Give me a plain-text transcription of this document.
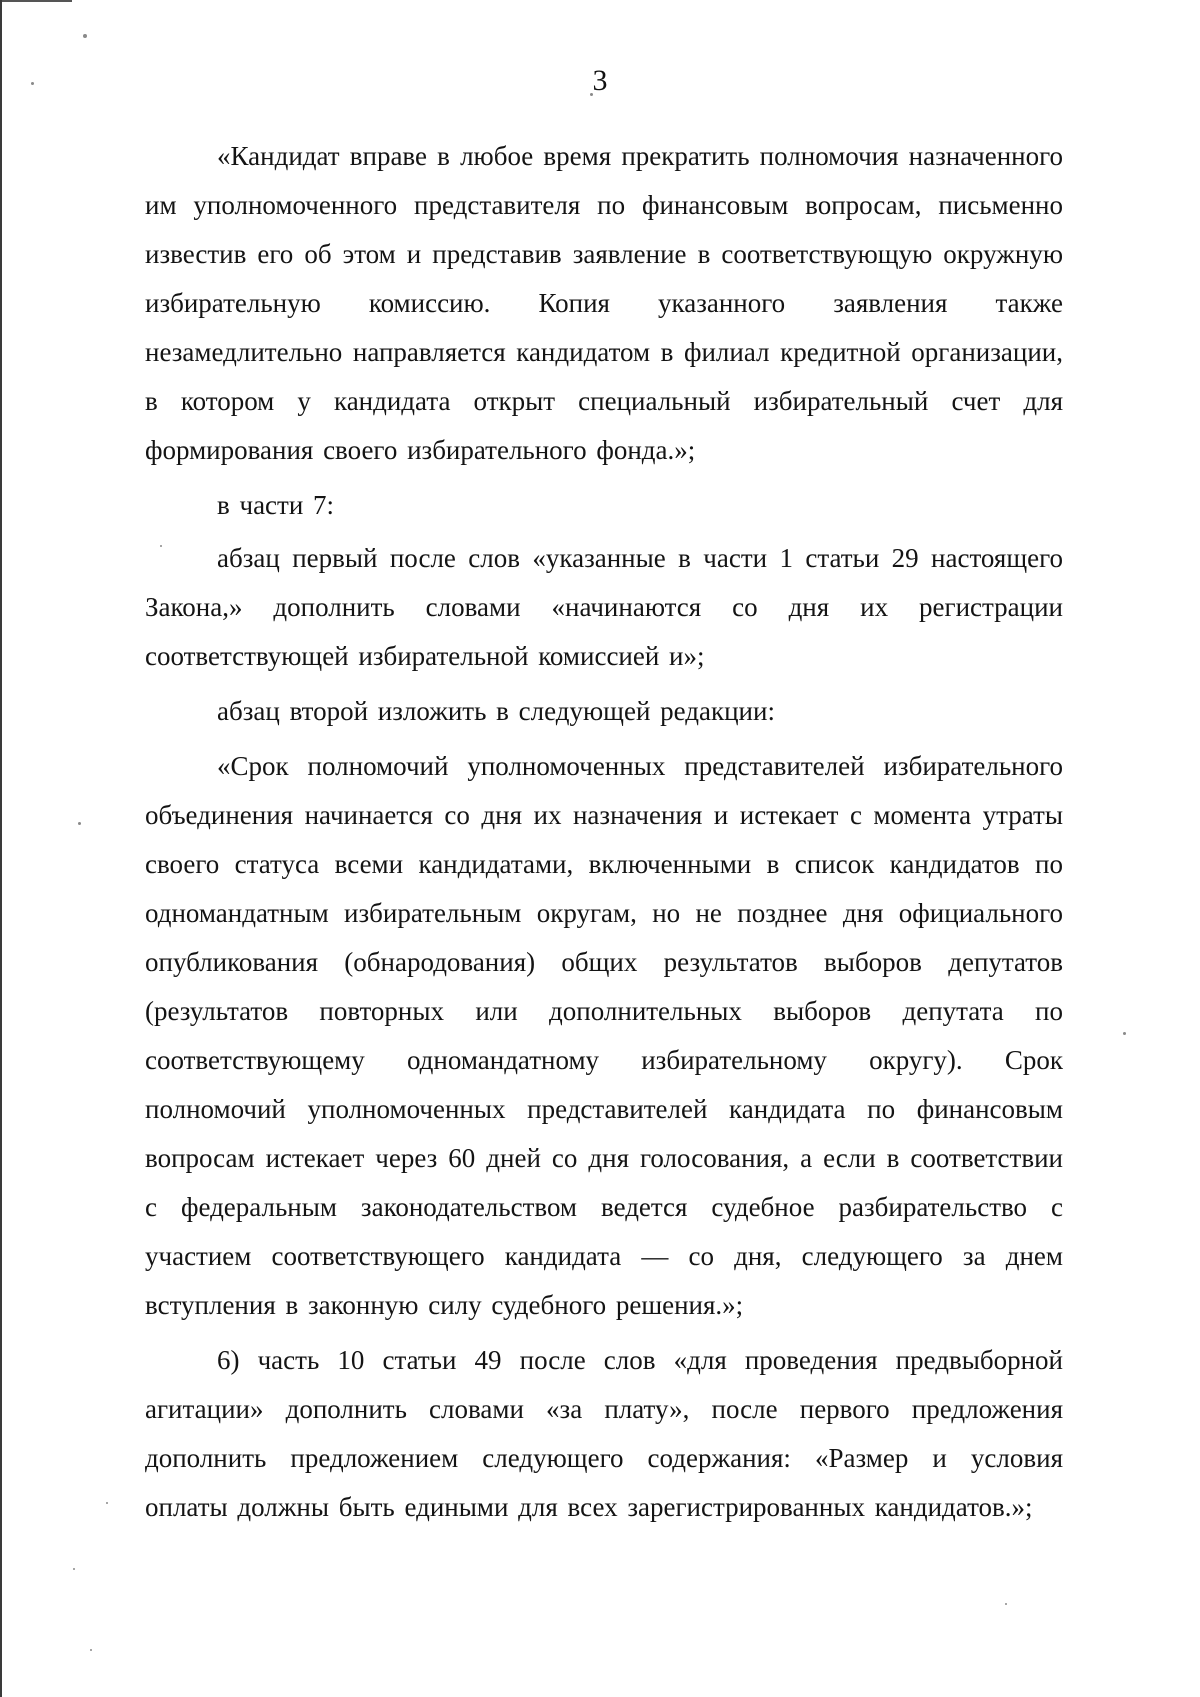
3

«Кандидат вправе в любое время прекратить полномочия назначенного им уполномоченного представителя по финансовым вопросам, письменно известив его об этом и представив заявление в соответствующую окружную избирательную комиссию. Копия указанного заявления также незамедлительно направляется кандидатом в филиал кредитной организации, в котором у кандидата открыт специальный избирательный счет для формирования своего избирательного фонда.»;

в части 7:

абзац первый после слов «указанные в части 1 статьи 29 настоящего Закона,» дополнить словами «начинаются со дня их регистрации соответствующей избирательной комиссией и»;

абзац второй изложить в следующей редакции:

«Срок полномочий уполномоченных представителей избирательного объединения начинается со дня их назначения и истекает с момента утраты своего статуса всеми кандидатами, включенными в список кандидатов по одномандатным избирательным округам, но не позднее дня официального опубликования (обнародования) общих результатов выборов депутатов (результатов повторных или дополнительных выборов депутата по соответствующему одномандатному избирательному округу). Срок полномочий уполномоченных представителей кандидата по финансовым вопросам истекает через 60 дней со дня голосования, а если в соответствии с федеральным законодательством ведется судебное разбирательство с участием соответствующего кандидата — со дня, следующего за днем вступления в законную силу судебного решения.»;

6) часть 10 статьи 49 после слов «для проведения предвыборной агитации» дополнить словами «за плату», после первого предложения дополнить предложением следующего содержания: «Размер и условия оплаты должны быть едиными для всех зарегистрированных кандидатов.»;
